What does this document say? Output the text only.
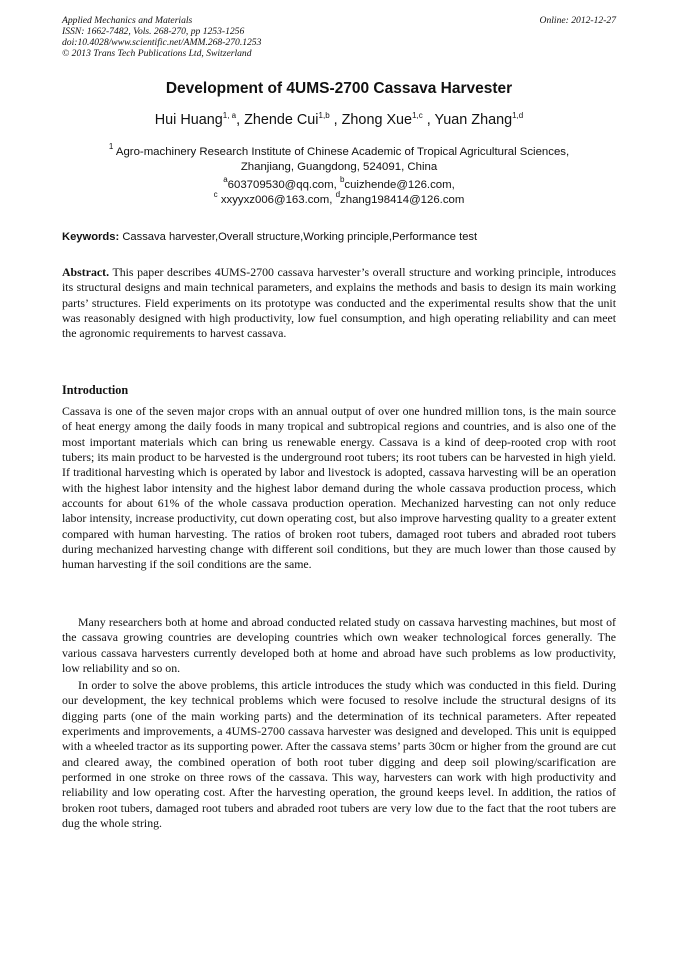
Applied Mechanics and Materials
ISSN: 1662-7482, Vols. 268-270, pp 1253-1256
doi:10.4028/www.scientific.net/AMM.268-270.1253
© 2013 Trans Tech Publications Ltd, Switzerland
Online: 2012-12-27
Development of 4UMS-2700 Cassava Harvester
Hui Huang$^{1, a}$, Zhende Cui$^{1,b}$ , Zhong Xue$^{1,c}$ , Yuan Zhang$^{1,d}$
$^1$ Agro-machinery Research Institute of Chinese Academic of Tropical Agricultural Sciences,
Zhanjiang, Guangdong, 524091, China
$^a$603709530@qq.com, $^b$cuizhende@126.com,
$^c$ xxyyxz006@163.com, $^d$zhang198414@126.com
Keywords: Cassava harvester,Overall structure,Working principle,Performance test

Abstract. This paper describes 4UMS-2700 cassava harvester’s overall structure and working principle, introduces its structural designs and main technical parameters, and explains the methods and basis to design its main working parts’ structures. Field experiments on its prototype was conducted and the experimental results show that the unit was reasonably designed with high productivity, low fuel consumption, and high operating reliability and can meet the agronomic requirements to harvest cassava.

Introduction

Cassava is one of the seven major crops with an annual output of over one hundred million tons, is the main source of heat energy among the daily foods in many tropical and subtropical regions and countries, and is also one of the most important materials which can bring us renewable energy. Cassava is a kind of deep-rooted crop with root tubers; its main product to be harvested is the underground root tubers; its root tubers can be harvested in high yield. If traditional harvesting which is operated by labor and livestock is adopted, cassava harvesting will be an operation with the highest labor intensity and the highest labor demand during the whole cassava production process, which accounts for about 61% of the whole cassava production operation. Mechanized harvesting can not only reduce labor intensity, increase productivity, cut down operating cost, but also improve harvesting quality to a greater extent compared with human harvesting. The ratios of broken root tubers, damaged root tubers and abraded root tubers during mechanized harvesting change with different soil conditions, but they are much lower than those caused by human harvesting if the soil conditions are the same.

Many researchers both at home and abroad conducted related study on cassava harvesting machines, but most of the cassava growing countries are developing countries which own weaker technological forces generally. The various cassava harvesters currently developed both at home and abroad have such problems as low productivity, low reliability and so on.

In order to solve the above problems, this article introduces the study which was conducted in this field. During our development, the key technical problems which were focused to resolve include the structural designs of its digging parts (one of the main working parts) and the determination of its technical parameters. After repeated experiments and improvements, a 4UMS-2700 cassava harvester was designed and developed. This unit is equipped with a wheeled tractor as its supporting power. After the cassava stems’ parts 30cm or higher from the ground are cut and cleared away, the combined operation of both root tuber digging and deep soil plowing/scarification are performed in one stroke on three rows of the cassava. This way, harvesters can work with high productivity and reliability and low operating cost. After the harvesting operation, the ground keeps level. In addition, the ratios of broken root tubers, damaged root tubers and abraded root tubers are very low due to the fact that the root tubers are dug the whole string.
